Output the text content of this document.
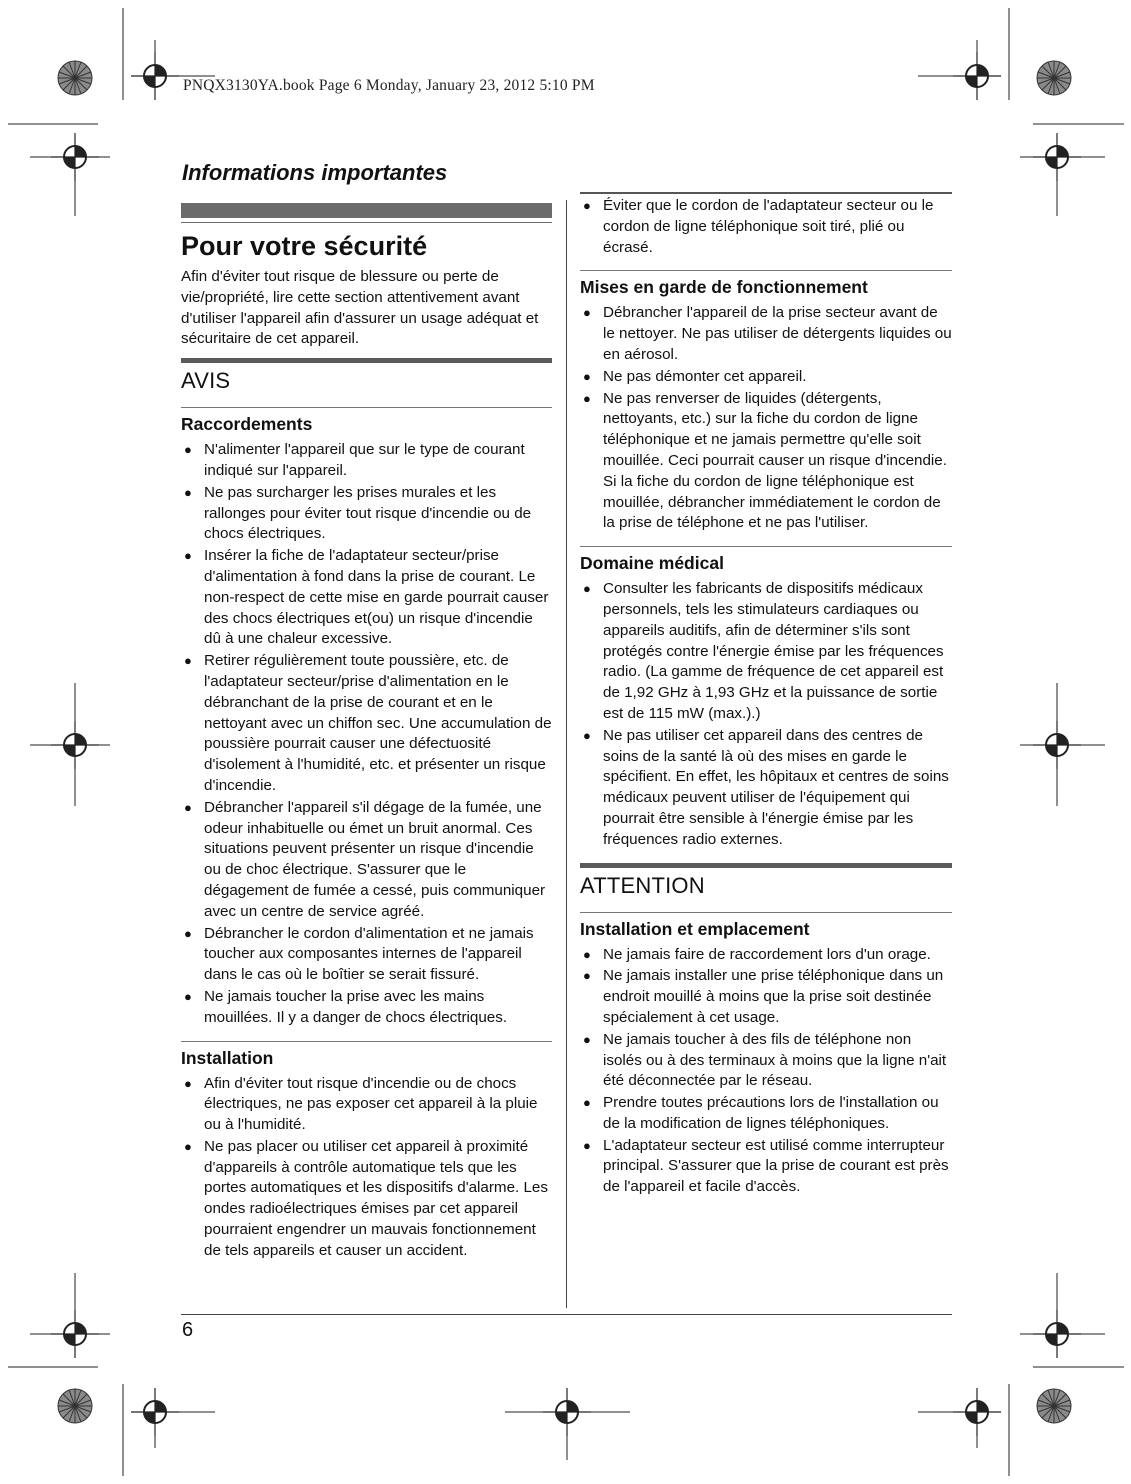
PNQX3130YA.book Page 6 Monday, January 23, 2012 5:10 PM
Informations importantes
Pour votre sécurité

Afin d'éviter tout risque de blessure ou perte de vie/propriété, lire cette section attentivement avant d'utiliser l'appareil afin d'assurer un usage adéquat et sécuritaire de cet appareil.

AVIS
Raccordements
● N'alimenter l'appareil que sur le type de courant indiqué sur l'appareil.
● Ne pas surcharger les prises murales et les rallonges pour éviter tout risque d'incendie ou de chocs électriques.
● Insérer la fiche de l'adaptateur secteur/prise d'alimentation à fond dans la prise de courant. Le non-respect de cette mise en garde pourrait causer des chocs électriques et(ou) un risque d'incendie dû à une chaleur excessive.
● Retirer régulièrement toute poussière, etc. de l'adaptateur secteur/prise d'alimentation en le débranchant de la prise de courant et en le nettoyant avec un chiffon sec. Une accumulation de poussière pourrait causer une défectuosité d'isolement à l'humidité, etc. et présenter un risque d'incendie.
● Débrancher l'appareil s'il dégage de la fumée, une odeur inhabituelle ou émet un bruit anormal. Ces situations peuvent présenter un risque d'incendie ou de choc électrique. S'assurer que le dégagement de fumée a cessé, puis communiquer avec un centre de service agréé.
● Débrancher le cordon d'alimentation et ne jamais toucher aux composantes internes de l'appareil dans le cas où le boîtier se serait fissuré.
● Ne jamais toucher la prise avec les mains mouillées. Il y a danger de chocs électriques.
Installation
● Afin d'éviter tout risque d'incendie ou de chocs électriques, ne pas exposer cet appareil à la pluie ou à l'humidité.
● Ne pas placer ou utiliser cet appareil à proximité d'appareils à contrôle automatique tels que les portes automatiques et les dispositifs d'alarme. Les ondes radioélectriques émises par cet appareil pourraient engendrer un mauvais fonctionnement de tels appareils et causer un accident.
● Éviter que le cordon de l'adaptateur secteur ou le cordon de ligne téléphonique soit tiré, plié ou écrasé.
Mises en garde de fonctionnement
● Débrancher l'appareil de la prise secteur avant de le nettoyer. Ne pas utiliser de détergents liquides ou en aérosol.
● Ne pas démonter cet appareil.
● Ne pas renverser de liquides (détergents, nettoyants, etc.) sur la fiche du cordon de ligne téléphonique et ne jamais permettre qu'elle soit mouillée. Ceci pourrait causer un risque d'incendie. Si la fiche du cordon de ligne téléphonique est mouillée, débrancher immédiatement le cordon de la prise de téléphone et ne pas l'utiliser.
Domaine médical
● Consulter les fabricants de dispositifs médicaux personnels, tels les stimulateurs cardiaques ou appareils auditifs, afin de déterminer s'ils sont protégés contre l'énergie émise par les fréquences radio. (La gamme de fréquence de cet appareil est de 1,92 GHz à 1,93 GHz et la puissance de sortie est de 115 mW (max.).)
● Ne pas utiliser cet appareil dans des centres de soins de la santé là où des mises en garde le spécifient. En effet, les hôpitaux et centres de soins médicaux peuvent utiliser de l'équipement qui pourrait être sensible à l'énergie émise par les fréquences radio externes.
ATTENTION
Installation et emplacement
● Ne jamais faire de raccordement lors d'un orage.
● Ne jamais installer une prise téléphonique dans un endroit mouillé à moins que la prise soit destinée spécialement à cet usage.
● Ne jamais toucher à des fils de téléphone non isolés ou à des terminaux à moins que la ligne n'ait été déconnectée par le réseau.
● Prendre toutes précautions lors de l'installation ou de la modification de lignes téléphoniques.
● L'adaptateur secteur est utilisé comme interrupteur principal. S'assurer que la prise de courant est près de l'appareil et facile d'accès.
6
